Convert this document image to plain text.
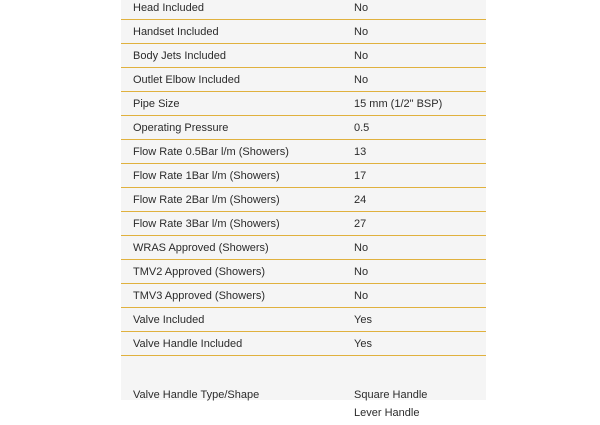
Head Included	No
Handset Included	No
Body Jets Included	No
Outlet Elbow Included	No
Pipe Size	15 mm (1/2" BSP)
Operating Pressure	0.5
Flow Rate 0.5Bar l/m (Showers)	13
Flow Rate 1Bar l/m (Showers)	17
Flow Rate 2Bar l/m (Showers)	24
Flow Rate 3Bar l/m (Showers)	27
WRAS Approved (Showers)	No
TMV2 Approved (Showers)	No
TMV3 Approved (Showers)	No
Valve Included	Yes
Valve Handle Included	Yes
Valve Handle Type/Shape	Square Handle
Lever Handle
